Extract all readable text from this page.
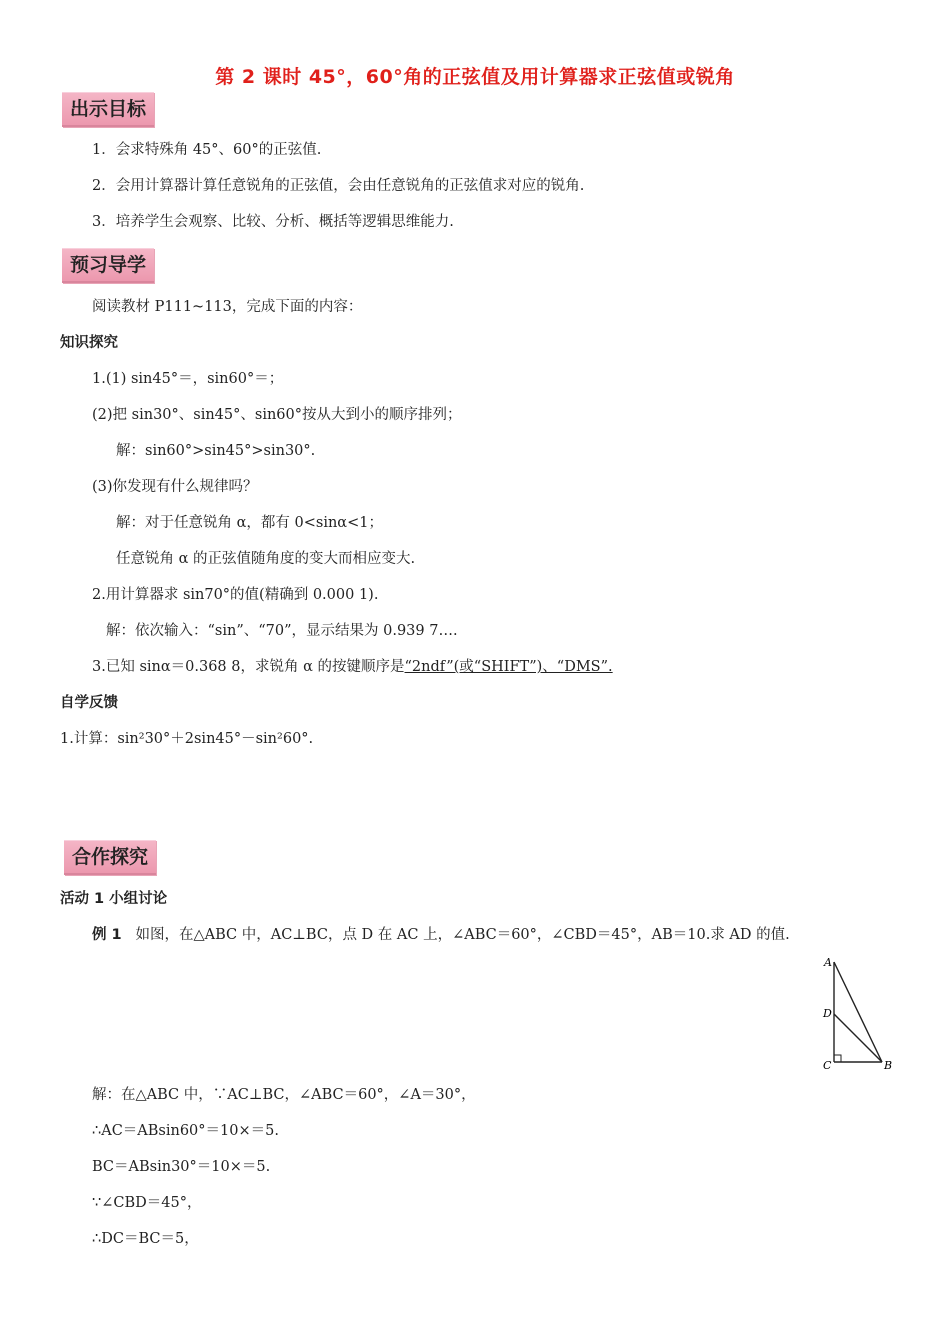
第 2 课时 45°，60°角的正弦值及用计算器求正弦值或锐角
出示目标
1．会求特殊角 45°、60°的正弦值.
2．会用计算器计算任意锐角的正弦值，会由任意锐角的正弦值求对应的锐角.
3．培养学生会观察、比较、分析、概括等逻辑思维能力.
预习导学
阅读教材 P111~113，完成下面的内容：
知识探究
1.(1) sin45°＝，sin60°＝；
(2)把 sin30°、sin45°、sin60°按从大到小的顺序排列；
解：sin60°>sin45°>sin30°.
(3)你发现有什么规律吗？
解：对于任意锐角 α，都有 0<sinα<1；
任意锐角 α 的正弦值随角度的变大而相应变大.
2.用计算器求 sin70°的值(精确到 0.000 1).
解：依次输入：“sin”、“70”，显示结果为 0.939 7….
3.已知 sinα＝0.368 8，求锐角 α 的按键顺序是“2ndf”(或“SHIFT”)、“DMS”.
自学反馈
1.计算：sin²30°＋2sin45°－sin²60°.
合作探究
活动 1 小组讨论
例 1 如图，在△ABC 中，AC⊥BC，点 D 在 AC 上，∠ABC＝60°，∠CBD＝45°，AB＝10.求 AD 的值.
A
D
C	B
解：在△ABC 中，∵AC⊥BC，∠ABC＝60°，∠A＝30°，
∴AC＝ABsin60°＝10×＝5.
BC＝ABsin30°＝10×＝5.
∵∠CBD＝45°，
∴DC＝BC＝5，
